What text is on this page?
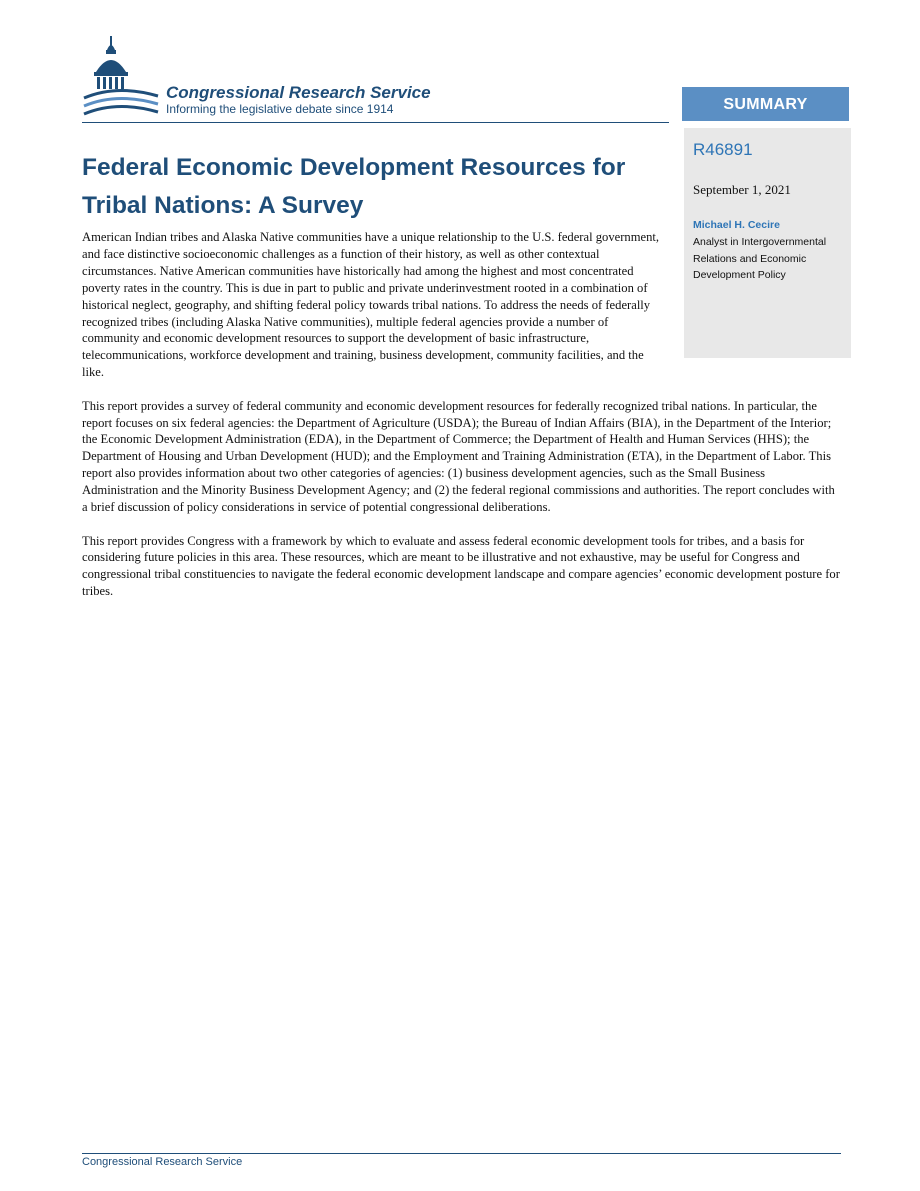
Congressional Research Service
Informing the legislative debate since 1914	SUMMARY
R46891
September 1, 2021
Michael H. Cecire
Analyst in Intergovernmental Relations and Economic Development Policy
Federal Economic Development Resources for Tribal Nations: A Survey

American Indian tribes and Alaska Native communities have a unique relationship to the U.S. federal government, and face distinctive socioeconomic challenges as a function of their history, as well as other contextual circumstances. Native American communities have historically had among the highest and most concentrated poverty rates in the country. This is due in part to public and private underinvestment rooted in a combination of historical neglect, geography, and shifting federal policy towards tribal nations. To address the needs of federally recognized tribes (including Alaska Native communities), multiple federal agencies provide a number of community and economic development resources to support the development of basic infrastructure, telecommunications, workforce development and training, business development, community facilities, and the like.

This report provides a survey of federal community and economic development resources for federally recognized tribal nations. In particular, the report focuses on six federal agencies: the Department of Agriculture (USDA); the Bureau of Indian Affairs (BIA), in the Department of the Interior; the Economic Development Administration (EDA), in the Department of Commerce; the Department of Health and Human Services (HHS); the Department of Housing and Urban Development (HUD); and the Employment and Training Administration (ETA), in the Department of Labor. This report also provides information about two other categories of agencies: (1) business development agencies, such as the Small Business Administration and the Minority Business Development Agency; and (2) the federal regional commissions and authorities. The report concludes with a brief discussion of policy considerations in service of potential congressional deliberations.

This report provides Congress with a framework by which to evaluate and assess federal economic development tools for tribes, and a basis for considering future policies in this area. These resources, which are meant to be illustrative and not exhaustive, may be useful for Congress and congressional tribal constituencies to navigate the federal economic development landscape and compare agencies’ economic development posture for tribes.

Congressional Research Service
